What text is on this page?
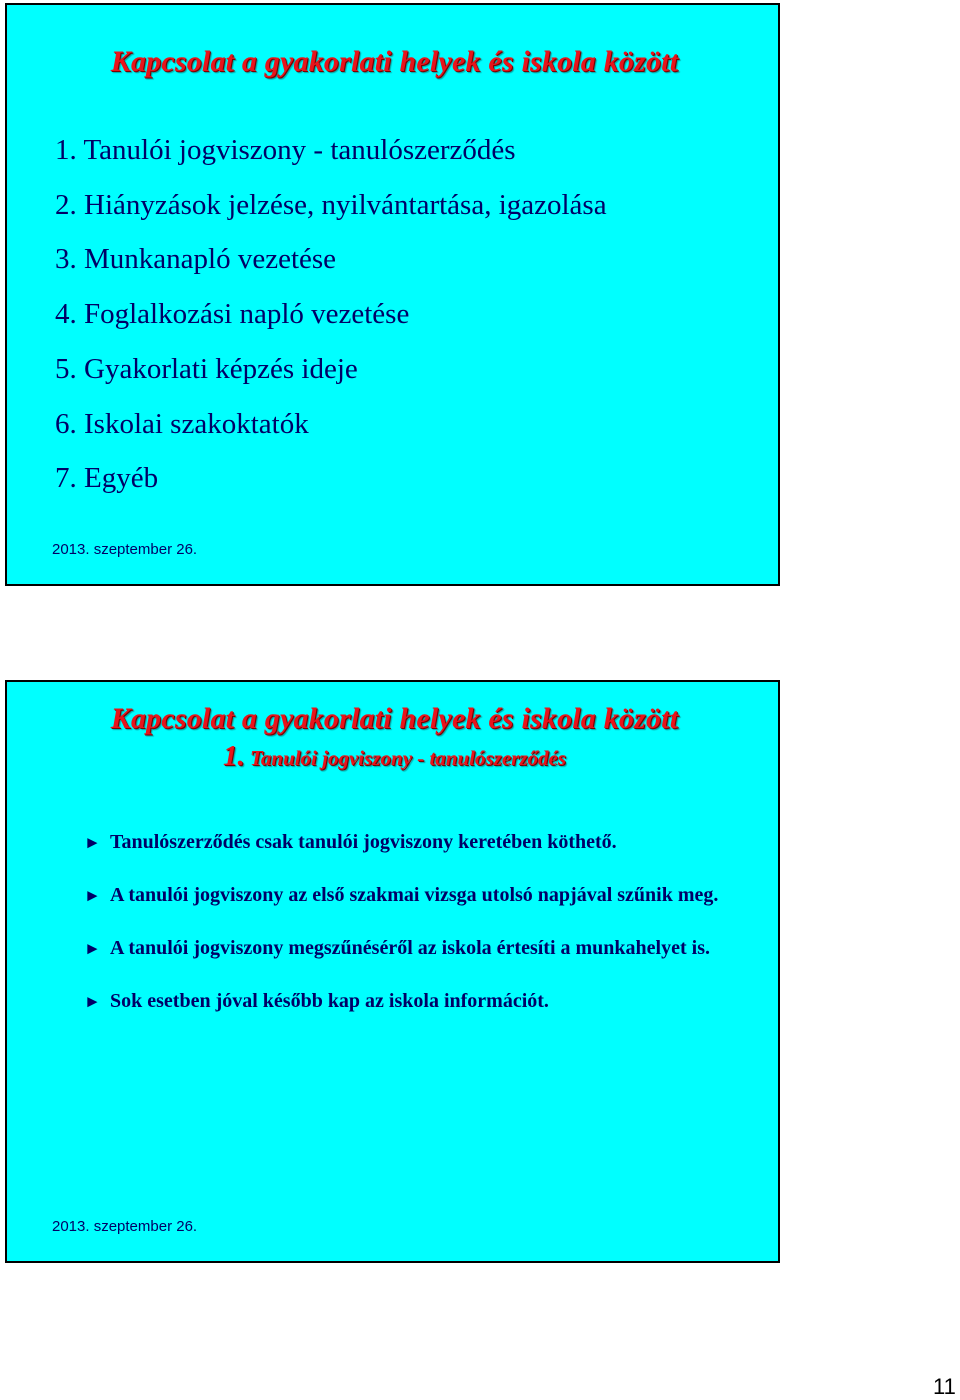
Kapcsolat a gyakorlati helyek és iskola között
1. Tanulói jogviszony - tanulószerződés
2. Hiányzások jelzése, nyilvántartása, igazolása
3. Munkanapló vezetése
4. Foglalkozási napló vezetése
5. Gyakorlati képzés ideje
6. Iskolai szakoktatók
7. Egyéb
2013. szeptember 26.
Kapcsolat a gyakorlati helyek és iskola között
1. Tanulói jogviszony - tanulószerződés
► Tanulószerződés csak tanulói jogviszony keretében köthető.
► A tanulói jogviszony az első szakmai vizsga utolsó napjával szűnik meg.
► A tanulói jogviszony megszűnéséről az iskola értesíti a munkahelyet is.
► Sok esetben jóval később kap az iskola információt.
2013. szeptember 26.
11
